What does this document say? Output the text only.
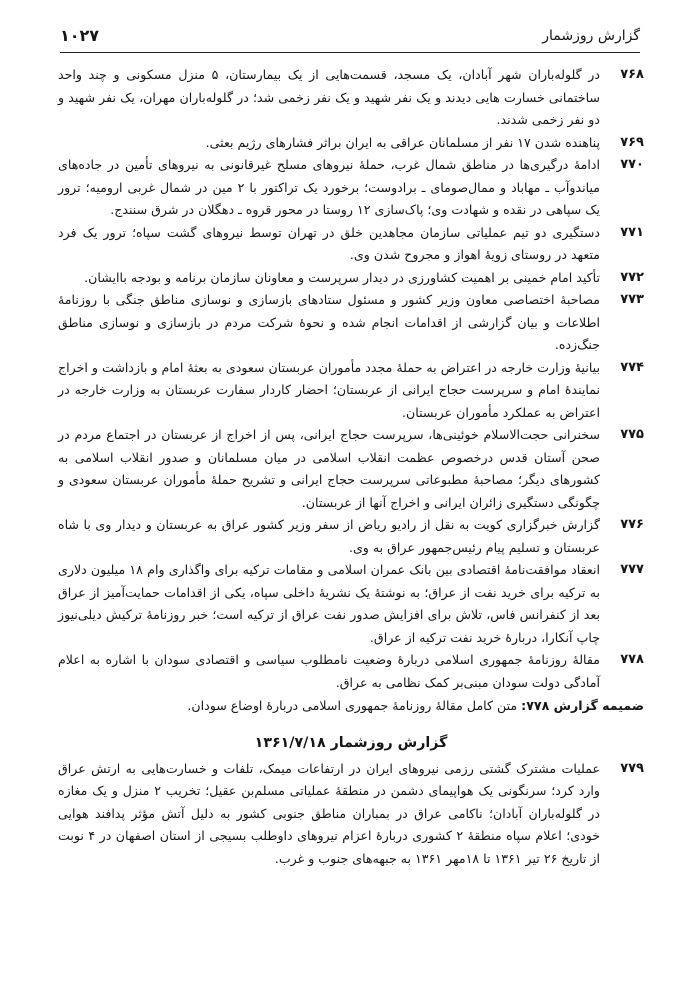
گزارش روزشمار
۱۰۲۷
۷۶۸
در گلوله‌باران شهر آبادان، یک مسجد، قسمت‌هایی از یک بیمارستان، ۵ منزل مسکونی و چند واحد ساختمانی خسارت هایی دیدند و یک نفر شهید و یک نفر زخمی شد؛ در گلوله‌باران مهران، یک نفر شهید و دو نفر زخمی شدند.
۷۶۹
پناهنده شدن ۱۷ نفر از مسلمانان عراقی به ایران براثر فشارهای رژیم بعثی.
۷۷۰
ادامهٔ درگیری‌ها در مناطق شمال غرب، حملهٔ نیروهای مسلح غیرقانونی به نیروهای تأمین در جاده‌های میاندوآب ـ مهاباد و ممال‌صومای ـ برادوست؛ برخورد یک تراکتور با ۲ مین در شمال غربی ارومیه؛ ترور یک سپاهی در نقده و شهادت وی؛ پاک‌سازی ۱۲ روستا در محور قروه ـ دهگلان در شرق سنندج.
۷۷۱
دستگیری دو تیم عملیاتی سازمان مجاهدین خلق در تهران توسط نیروهای گشت سپاه؛ ترور یک فرد متعهد در روستای زویهٔ اهواز و مجروح شدن وی.
۷۷۲
تأکید امام خمینی بر اهمیت کشاورزی در دیدار سرپرست و معاونان سازمان برنامه و بودجه باایشان.
۷۷۳
مصاحبهٔ اختصاصی معاون وزیر کشور و مسئول ستادهای بازسازی و نوسازی مناطق جنگی با روزنامهٔ اطلاعات و بیان گزارشی از اقدامات انجام شده و نحوهٔ شرکت مردم در بازسازی و نوسازی مناطق جنگ‌زده.
۷۷۴
بیانیهٔ وزارت خارجه در اعتراض به حملهٔ مجدد مأموران عربستان سعودی به بعثهٔ امام و بازداشت و اخراج نمایندهٔ امام و سرپرست حجاج ایرانی از عربستان؛ احضار کاردار سفارت عربستان به وزارت خارجه در اعتراض به عملکرد مأموران عربستان.
۷۷۵
سخنرانی حجت‌الاسلام خوئینی‌ها، سرپرست حجاج ایرانی، پس از اخراج از عربستان در اجتماع مردم در صحن آستان قدس درخصوص عظمت انقلاب اسلامی در میان مسلمانان و صدور انقلاب اسلامی به کشورهای دیگر؛ مصاحبهٔ مطبوعاتی سرپرست حجاج ایرانی و تشریح حملهٔ مأموران عربستان سعودی و چگونگی دستگیری زائران ایرانی و اخراج آنها از عربستان.
۷۷۶
گزارش خبرگزاری کویت به نقل از رادیو ریاض از سفر وزیر کشور عراق به عربستان و دیدار وی با شاه عربستان و تسلیم پیام رئیس‌جمهور عراق به وی.
۷۷۷
انعقاد موافقت‌نامهٔ اقتصادی بین بانک عمران اسلامی و مقامات ترکیه برای واگذاری وام ۱۸ میلیون دلاری به ترکیه برای خرید نفت از عراق؛ به نوشتهٔ یک نشریهٔ داخلی سپاه، یکی از اقدامات حمایت‌آمیز از عراق بعد از کنفرانس فاس، تلاش برای افزایش صدور نفت عراق از ترکیه است؛ خبر روزنامهٔ ترکیش دیلی‌نیوز چاپ آنکارا، دربارهٔ خرید نفت ترکیه از عراق.
۷۷۸
مقالهٔ روزنامهٔ جمهوری اسلامی دربارهٔ وضعیت نامطلوب سیاسی و اقتصادی سودان با اشاره به اعلام آمادگی دولت سودان مبنی‌بر کمک نظامی به عراق.
ضمیمه گزارش ۷۷۸: متن کامل مقالهٔ روزنامهٔ جمهوری اسلامی دربارهٔ اوضاع سودان.
گزارش روزشمار ۱۳۶۱/۷/۱۸
۷۷۹
عملیات مشترک گشتی رزمی نیروهای ایران در ارتفاعات میمک، تلفات و خسارت‌هایی به ارتش عراق وارد کرد؛ سرنگونی یک هواپیمای دشمن در منطقهٔ عملیاتی مسلم‌بن عقیل؛ تخریب ۲ منزل و یک مغازه در گلوله‌باران آبادان؛ ناکامی عراق در بمباران مناطق جنوبی کشور به دلیل آتش مؤثر پدافند هوایی خودی؛ اعلام سپاه منطقهٔ ۲ کشوری دربارهٔ اعزام نیروهای داوطلب بسیجی از استان اصفهان در ۴ نوبت از تاریخ ۲۶ تیر ۱۳۶۱ تا ۱۸مهر ۱۳۶۱ به جبهه‌های جنوب و غرب.
